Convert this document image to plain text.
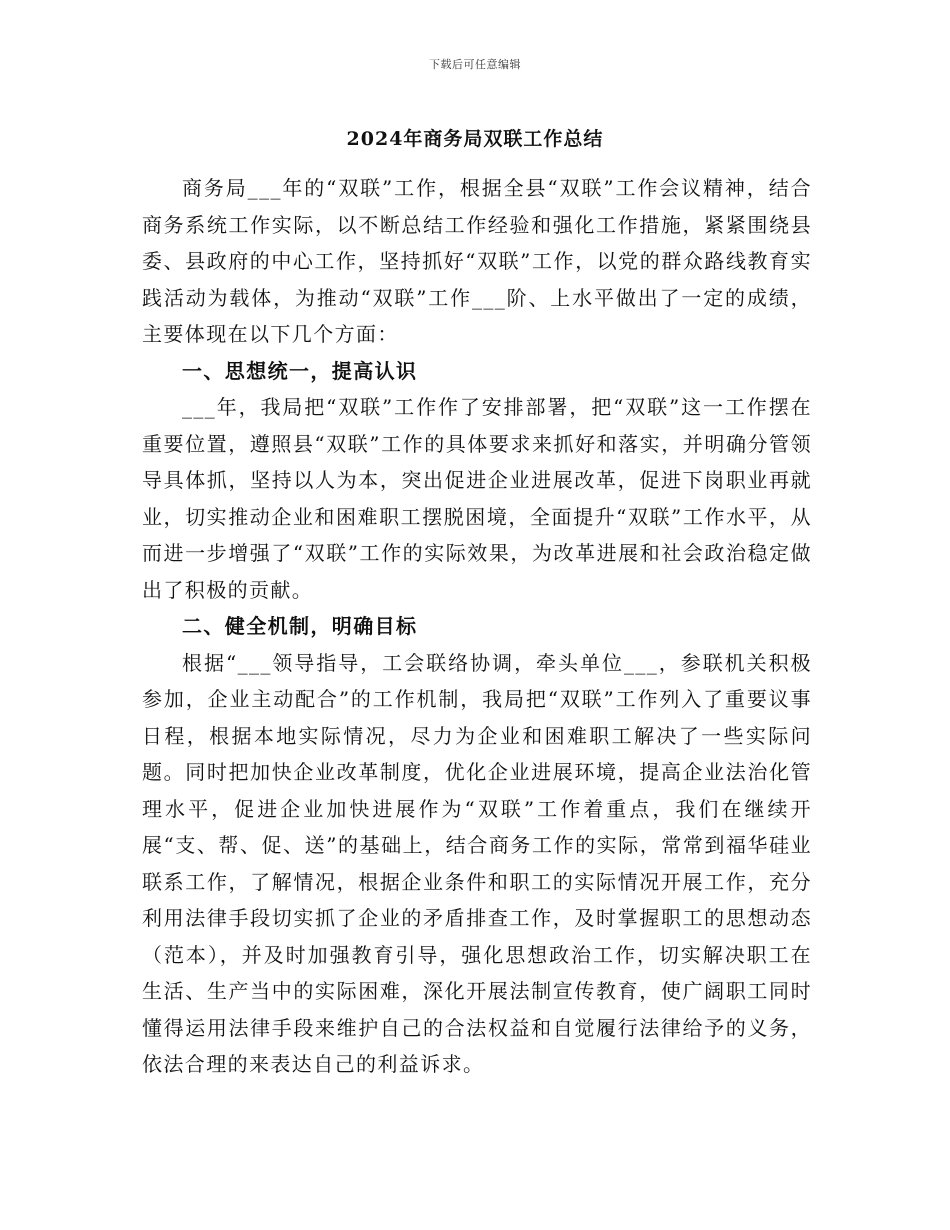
下载后可任意编辑
2024年商务局双联工作总结

商务局___年的“双联”工作，根据全县“双联”工作会议精神，结合商务系统工作实际，以不断总结工作经验和强化工作措施，紧紧围绕县委、县政府的中心工作，坚持抓好“双联”工作，以党的群众路线教育实践活动为载体，为推动“双联”工作___阶、上水平做出了一定的成绩，主要体现在以下几个方面：

一、思想统一，提高认识

___年，我局把“双联”工作作了安排部署，把“双联”这一工作摆在重要位置，遵照县“双联”工作的具体要求来抓好和落实，并明确分管领导具体抓，坚持以人为本，突出促进企业进展改革，促进下岗职业再就业，切实推动企业和困难职工摆脱困境，全面提升“双联”工作水平，从而进一步增强了“双联”工作的实际效果，为改革进展和社会政治稳定做出了积极的贡献。

二、健全机制，明确目标

根据“___领导指导，工会联络协调，牵头单位___，参联机关积极参加，企业主动配合”的工作机制，我局把“双联”工作列入了重要议事日程，根据本地实际情况，尽力为企业和困难职工解决了一些实际问题。同时把加快企业改革制度，优化企业进展环境，提高企业法治化管理水平，促进企业加快进展作为“双联”工作着重点，我们在继续开展“支、帮、促、送”的基础上，结合商务工作的实际，常常到福华硅业联系工作，了解情况，根据企业条件和职工的实际情况开展工作，充分利用法律手段切实抓了企业的矛盾排查工作，及时掌握职工的思想动态（范本），并及时加强教育引导，强化思想政治工作，切实解决职工在生活、生产当中的实际困难，深化开展法制宣传教育，使广阔职工同时懂得运用法律手段来维护自己的合法权益和自觉履行法律给予的义务，依法合理的来表达自己的利益诉求。
